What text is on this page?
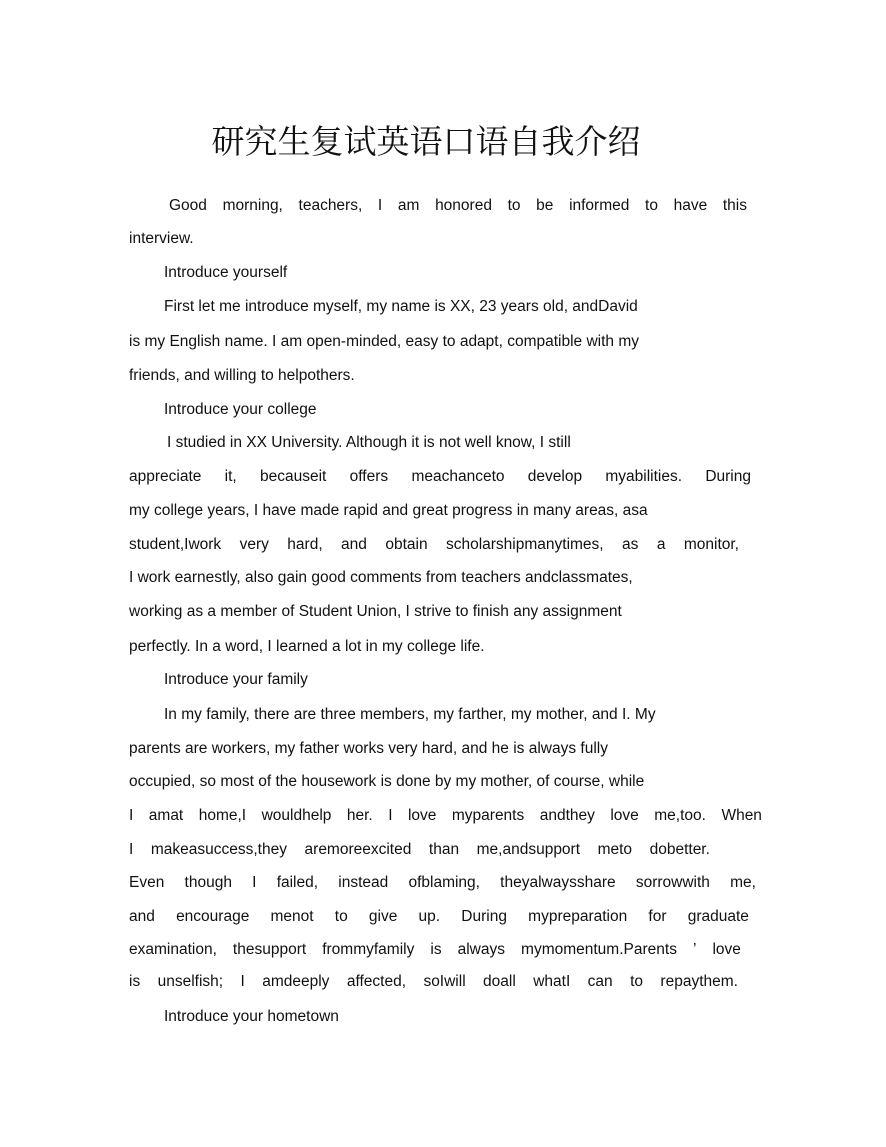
研究生复试英语口语自我介绍
Good morning, teachers, I am honored to be informed to have this
interview.
Introduce yourself
First let me introduce myself, my name is XX, 23 years old, andDavid
is my English name. I am open-minded, easy to adapt, compatible with my
friends, and willing to helpothers.
Introduce your college
I studied in XX University. Although it is not well know, I still
appreciate it, becauseit offers meachanceto develop myabilities. During
my college years, I have made rapid and great progress in many areas, asa
student,Iwork very hard, and obtain scholarshipmanytimes, as a monitor,
I work earnestly, also gain good comments from teachers andclassmates,
working as a member of Student Union, I strive to finish any assignment
perfectly. In a word, I learned a lot in my college life.
Introduce your family
In my family, there are three members, my farther, my mother, and I. My
parents are workers, my father works very hard, and he is always fully
occupied, so most of the housework is done by my mother, of course, while
I amat home,I wouldhelp her. I love myparents andthey love me,too. When
I makeasuccess,they aremoreexcited than me,andsupport meto dobetter.
Even though I failed, instead ofblaming, theyalwaysshare sorrowwith me,
and encourage menot to give up. During mypreparation for graduate
examination, thesupport frommyfamily is always mymomentum.Parents ’ love
is unselfish; I amdeeply affected, soIwill doall whatI can to repaythem.
Introduce your hometown
